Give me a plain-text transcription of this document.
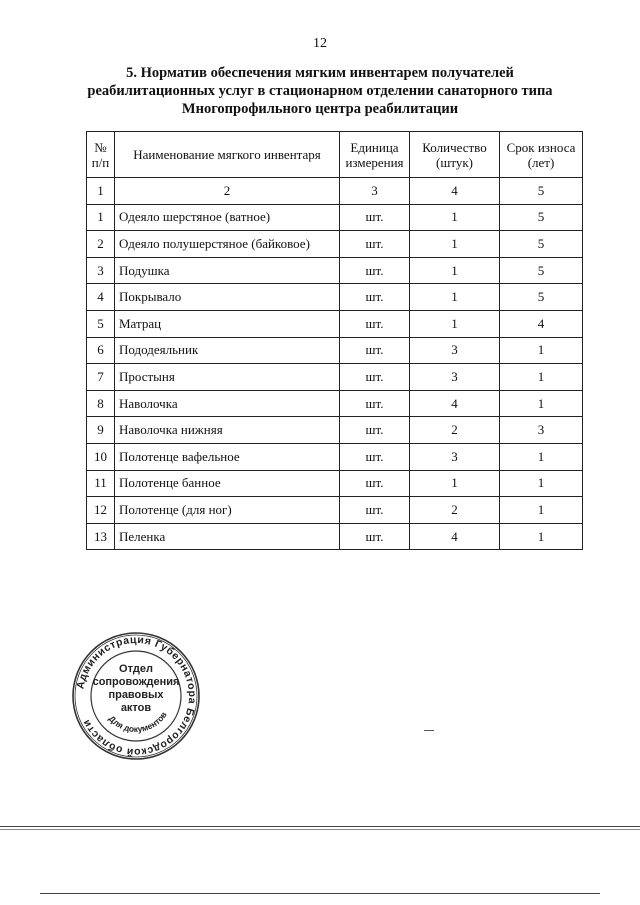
12
5. Норматив обеспечения мягким инвентарем получателей
реабилитационных услуг в стационарном отделении санаторного типа
Многопрофильного центра реабилитации
№ п/п	Наименование мягкого инвентаря	Единица измерения	Количество (штук)	Срок износа (лет)
1	2	3	4	5
1	Одеяло шерстяное (ватное)	шт.	1	5
2	Одеяло полушерстяное (байковое)	шт.	1	5
3	Подушка	шт.	1	5
4	Покрывало	шт.	1	5
5	Матрац	шт.	1	4
6	Пододеяльник	шт.	3	1
7	Простыня	шт.	3	1
8	Наволочка	шт.	4	1
9	Наволочка нижняя	шт.	2	3
10	Полотенце вафельное	шт.	3	1
11	Полотенце банное	шт.	1	1
12	Полотенце (для ног)	шт.	2	1
13	Пеленка	шт.	4	1
Администрация Губернатора Белгородской области	Для документов
Отдел
сопровождения
правовых
актов
